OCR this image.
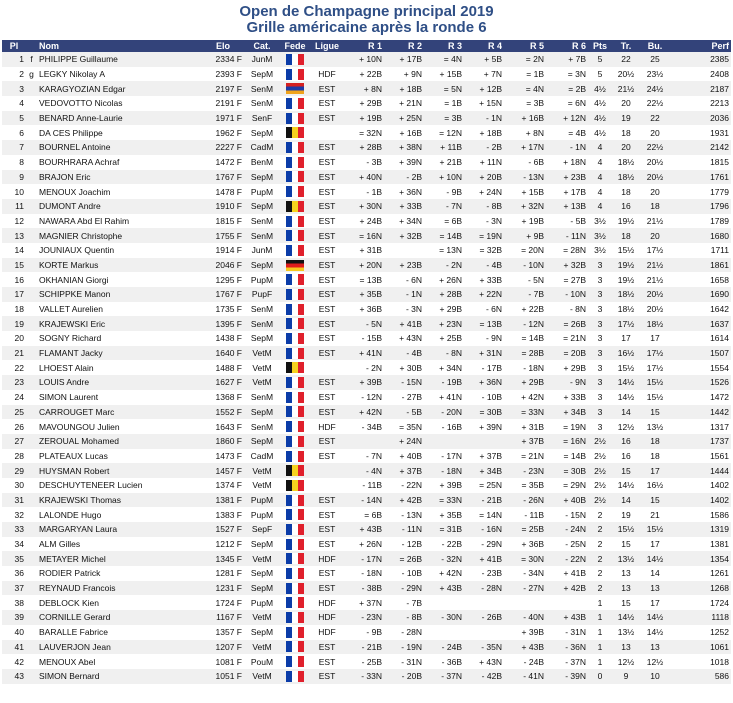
Open de Champagne principal 2019
Grille américaine après la ronde 6
Pl		Nom	Elo	Cat.	Fede	Ligue	R 1	R 2	R 3	R 4	R 5	R 6	Pts	Tr.	Bu.	Perf
1	f	PHILIPPE Guillaume	2334 F	JunM			+ 10N	+ 17B	= 4N	+ 5B	= 2N	+ 7B	5	22	25	2385
2	g	LEGKY Nikolay A	2393 F	SepM		HDF	+ 22B	+ 9N	+ 15B	+ 7N	= 1B	= 3N	5	20½	23½	2408
3		KARAGYOZIAN Edgar	2197 F	SenM		EST	+ 8N	+ 18B	= 5N	+ 12B	= 4N	= 2B	4½	21½	24½	2187
4		VEDOVOTTO Nicolas	2191 F	SenM		EST	+ 29B	+ 21N	= 1B	+ 15N	= 3B	= 6N	4½	20	22½	2213
5		BENARD Anne-Laurie	1971 F	SenF		EST	+ 19B	+ 25N	= 3B	- 1N	+ 16B	+ 12N	4½	19	22	2036
6		DA CES Philippe	1962 F	SepM			= 32N	+ 16B	= 12N	+ 18B	+ 8N	= 4B	4½	18	20	1931
7		BOURNEL Antoine	2227 F	CadM		EST	+ 28B	+ 38N	+ 11B	- 2B	+ 17N	- 1N	4	20	22½	2142
8		BOURHRARA Achraf	1472 F	BenM		EST	- 3B	+ 39N	+ 21B	+ 11N	- 6B	+ 18N	4	18½	20½	1815
9		BRAJON Eric	1767 F	SepM		EST	+ 40N	- 2B	+ 10N	+ 20B	- 13N	+ 23B	4	18½	20½	1761
10		MENOUX Joachim	1478 F	PupM		EST	- 1B	+ 36N	- 9B	+ 24N	+ 15B	+ 17B	4	18	20	1779
11		DUMONT Andre	1910 F	SepM		EST	+ 30N	+ 33B	- 7N	- 8B	+ 32N	+ 13B	4	16	18	1796
12		NAWARA Abd El Rahim	1815 F	SenM		EST	+ 24B	+ 34N	= 6B	- 3N	+ 19B	- 5B	3½	19½	21½	1789
13		MAGNIER Christophe	1755 F	SenM		EST	= 16N	+ 32B	= 14B	= 19N	+ 9B	- 11N	3½	18	20	1680
14		JOUNIAUX Quentin	1914 F	JunM		EST	+ 31B		= 13N	= 32B	= 20N	= 28N	3½	15½	17½	1711
15		KORTE Markus	2046 F	SepM		EST	+ 20N	+ 23B	- 2N	- 4B	- 10N	+ 32B	3	19½	21½	1861
16		OKHANIAN Giorgi	1295 F	PupM		EST	= 13B	- 6N	+ 26N	+ 33B	- 5N	= 27B	3	19½	21½	1658
17		SCHIPPKE Manon	1767 F	PupF		EST	+ 35B	- 1N	+ 28B	+ 22N	- 7B	- 10N	3	18½	20½	1690
18		VALLET Aurelien	1735 F	SenM		EST	+ 36B	- 3N	+ 29B	- 6N	+ 22B	- 8N	3	18½	20½	1642
19		KRAJEWSKI Eric	1395 F	SenM		EST	- 5N	+ 41B	+ 23N	= 13B	- 12N	= 26B	3	17½	18½	1637
20		SOGNY Richard	1438 F	SepM		EST	- 15B	+ 43N	+ 25B	- 9N	= 14B	= 21N	3	17	17	1614
21		FLAMANT Jacky	1640 F	VetM		EST	+ 41N	- 4B	- 8N	+ 31N	= 28B	= 20B	3	16½	17½	1507
22		LHOEST Alain	1488 F	VetM			- 2N	+ 30B	+ 34N	- 17B	- 18N	+ 29B	3	15½	17½	1554
23		LOUIS Andre	1627 F	VetM		EST	+ 39B	- 15N	- 19B	+ 36N	+ 29B	- 9N	3	14½	15½	1526
24		SIMON Laurent	1368 F	SenM		EST	- 12N	- 27B	+ 41N	- 10B	+ 42N	+ 33B	3	14½	15½	1472
25		CARROUGET Marc	1552 F	SepM		EST	+ 42N	- 5B	- 20N	= 30B	= 33N	+ 34B	3	14	15	1442
26		MAVOUNGOU Julien	1643 F	SenM		HDF	- 34B	= 35N	- 16B	+ 39N	+ 31B	= 19N	3	12½	13½	1317
27		ZEROUAL Mohamed	1860 F	SepM		EST		+ 24N			+ 37B	= 16N	2½	16	18	1737
28		PLATEAUX Lucas	1473 F	CadM		EST	- 7N	+ 40B	- 17N	+ 37B	= 21N	= 14B	2½	16	18	1561
29		HUYSMAN Robert	1457 F	VetM			- 4N	+ 37B	- 18N	+ 34B	- 23N	= 30B	2½	15	17	1444
30		DESCHUYTENEER Lucien	1374 F	VetM			- 11B	- 22N	+ 39B	= 25N	= 35B	= 29N	2½	14½	16½	1402
31		KRAJEWSKI Thomas	1381 F	PupM		EST	- 14N	+ 42B	= 33N	- 21B	- 26N	+ 40B	2½	14	15	1402
32		LALONDE Hugo	1383 F	PupM		EST	= 6B	- 13N	+ 35B	= 14N	- 11B	- 15N	2	19	21	1586
33		MARGARYAN Laura	1527 F	SepF		EST	+ 43B	- 11N	= 31B	- 16N	= 25B	- 24N	2	15½	15½	1319
34		ALM Gilles	1212 F	SepM		EST	+ 26N	- 12B	- 22B	- 29N	+ 36B	- 25N	2	15	17	1381
35		METAYER Michel	1345 F	VetM		HDF	- 17N	= 26B	- 32N	+ 41B	= 30N	- 22N	2	13½	14½	1354
36		RODIER Patrick	1281 F	SepM		EST	- 18N	- 10B	+ 42N	- 23B	- 34N	+ 41B	2	13	14	1261
37		REYNAUD Francois	1231 F	SepM		EST	- 38B	- 29N	+ 43B	- 28N	- 27N	+ 42B	2	13	13	1268
38		DEBLOCK Kien	1724 F	PupM		HDF	+ 37N	- 7B					1	15	17	1724
39		CORNILLE Gerard	1167 F	VetM		HDF	- 23N	- 8B	- 30N	- 26B	- 40N	+ 43B	1	14½	14½	1118
40		BARALLE Fabrice	1357 F	SepM		HDF	- 9B	- 28N			+ 39B	- 31N	1	13½	14½	1252
41		LAUVERJON Jean	1207 F	VetM		EST	- 21B	- 19N	- 24B	- 35N	+ 43B	- 36N	1	13	13	1061
42		MENOUX Abel	1081 F	PouM		EST	- 25B	- 31N	- 36B	+ 43N	- 24B	- 37N	1	12½	12½	1018
43		SIMON Bernard	1051 F	VetM		EST	- 33N	- 20B	- 37N	- 42B	- 41N	- 39N	0	9	10	586
